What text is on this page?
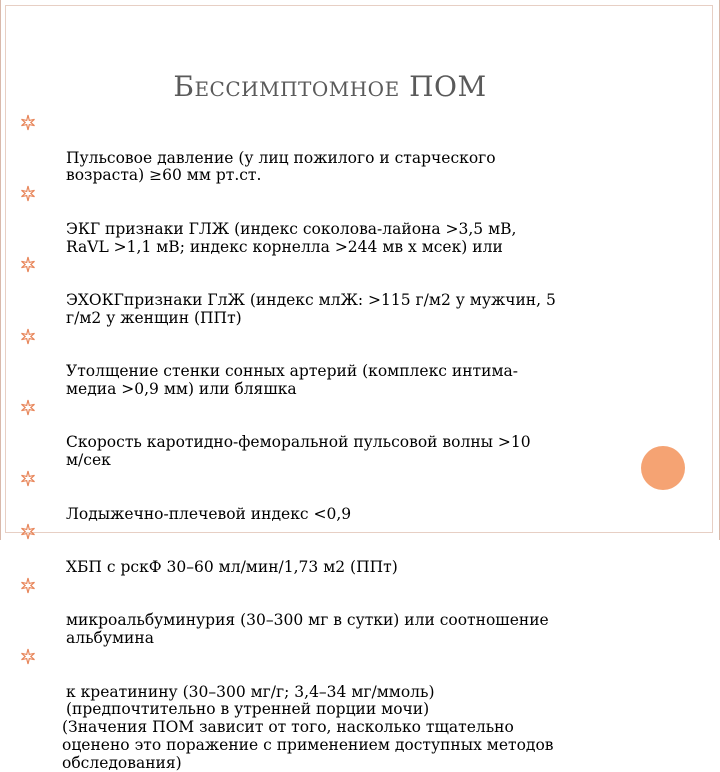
Бессимптомное ПОМ

Пульсовое давление (у лиц пожилого и старческого
возраста) ≥60 мм рт.ст.

ЭКГ признаки ГЛЖ (индекс соколова-лайона >3,5 мВ,
RaVL >1,1 мВ; индекс корнелла >244 мв х мсек) или

ЭХОКГпризнаки ГлЖ (индекс млЖ: >115 г/м2 у мужчин, 5
г/м2 у женщин (ППт)

Утолщение стенки сонных артерий (комплекс интима-
медиа >0,9 мм) или бляшка

Скорость каротидно-феморальной пульсовой волны >10
м/сек

Лодыжечно-плечевой индекс <0,9

ХБП с рскФ 30–60 мл/мин/1,73 м2 (ППт)

микроальбуминурия (30–300 мг в сутки) или соотношение
альбумина

к креатинину (30–300 мг/г; 3,4–34 мг/ммоль)
(предпочтительно в утренней порции мочи)

(Значения ПОМ зависит от того, насколько тщательно
оценено это поражение с применением доступных методов
обследования)
